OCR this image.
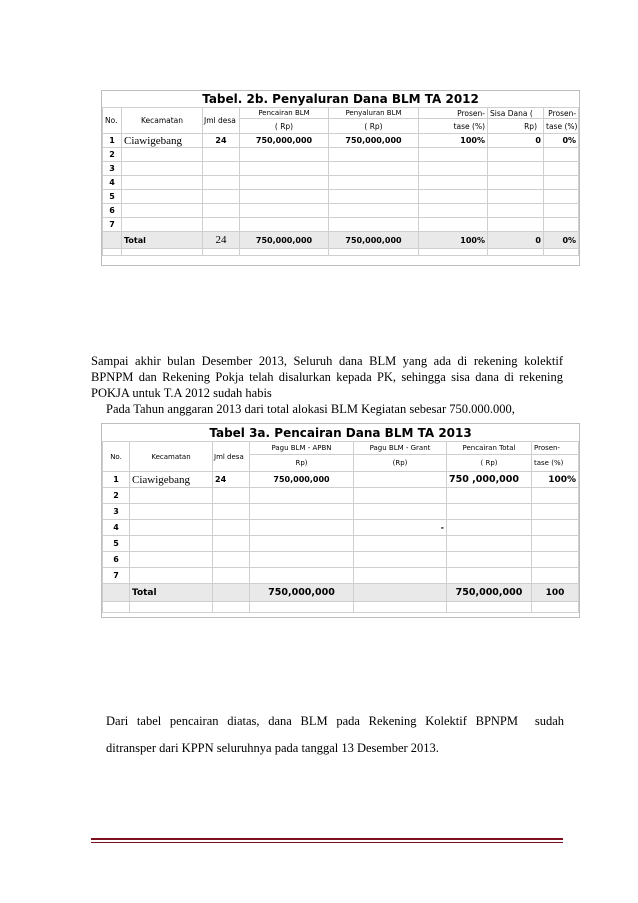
Tabel. 2b. Penyaluran Dana BLM TA 2012							
No.	Kecamatan	Jml desa	Pencairan BLM	Penyaluran BLM	Prosen-	Sisa Dana (	Prosen-
			( Rp)	( Rp)	tase (%)	Rp)	tase (%)
1	Ciawigebang	24	750,000,000	750,000,000	100%	0	0%
2							
3							
4							
5							
6							
7							
	Total	24	750,000,000	750,000,000	100%	0	0%

Sampai akhir bulan Desember 2013, Seluruh dana BLM yang ada di rekening kolektif
BPNPM dan Rekening Pokja telah disalurkan kepada PK, sehingga sisa dana di rekening
POKJA untuk T.A 2012 sudah habis
Pada Tahun anggaran 2013 dari total alokasi BLM Kegiatan sebesar 750.000.000,
Tabel 3a. Pencairan Dana BLM TA 2013						
No.	Kecamatan	Jml desa	Pagu BLM - APBN	Pagu BLM - Grant	Pencairan Total	Prosen-
			Rp)	(Rp)	( Rp)	tase (%)
1	Ciawigebang	24	750,000,000		750 ,000,000	100%
2						
3						
4				-		
5						
6						
7						
	Total		750,000,000		750,000,000	100

Dari tabel pencairan diatas, dana BLM pada Rekening Kolektif BPNPM sudah
ditransper dari KPPN seluruhnya pada tanggal 13 Desember 2013.
